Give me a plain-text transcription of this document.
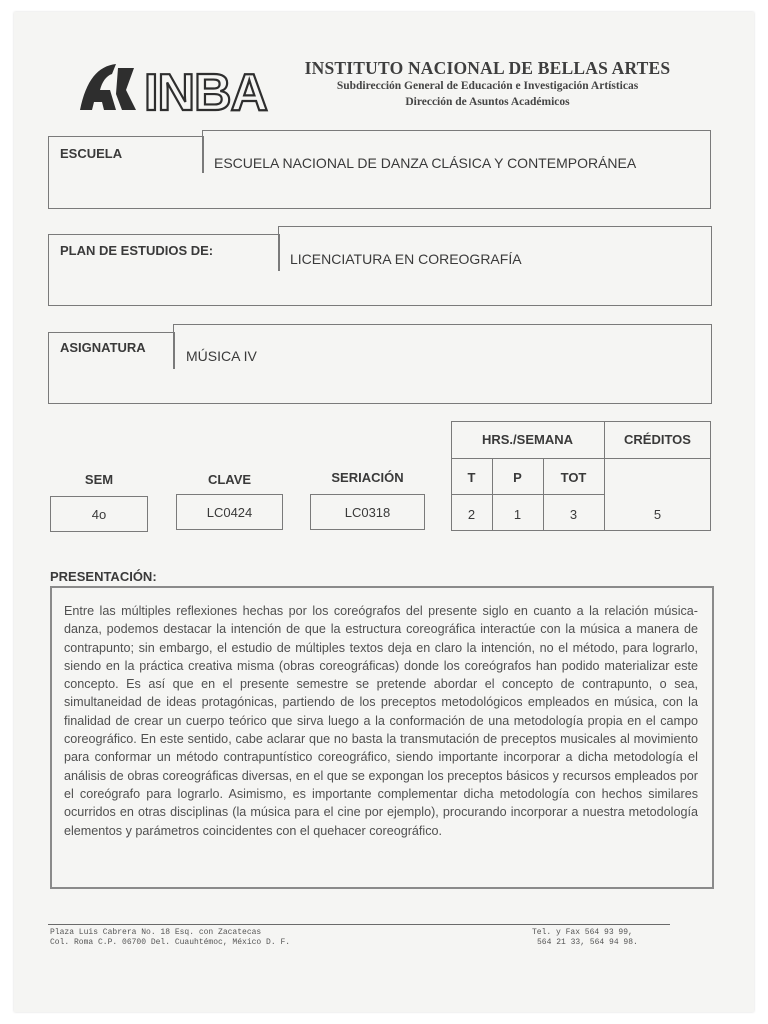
INBA INSTITUTO NACIONAL DE BELLAS ARTES
Subdirección General de Educación e Investigación Artísticas
Dirección de Asuntos Académicos
ESCUELA
ESCUELA NACIONAL DE DANZA CLÁSICA Y CONTEMPORÁNEA
PLAN DE ESTUDIOS DE:
LICENCIATURA EN COREOGRAFÍA
ASIGNATURA
MÚSICA IV
SEM
4o
CLAVE
LC0424
SERIACIÓN
LC0318
HRS./SEMANA	CRÉDITOS
T	P	TOT
2	1	3	5
PRESENTACIÓN:
Entre las múltiples reflexiones hechas por los coreógrafos del presente siglo en cuanto a la relación música-danza, podemos destacar la intención de que la estructura coreográfica interactúe con la música a manera de contrapunto; sin embargo, el estudio de múltiples textos deja en claro la intención, no el método, para lograrlo, siendo en la práctica creativa misma (obras coreográficas) donde los coreógrafos han podido materializar este concepto. Es así que en el presente semestre se pretende abordar el concepto de contrapunto, o sea, simultaneidad de ideas protagónicas, partiendo de los preceptos metodológicos empleados en música, con la finalidad de crear un cuerpo teórico que sirva luego a la conformación de una metodología propia en el campo coreográfico. En este sentido, cabe aclarar que no basta la transmutación de preceptos musicales al movimiento para conformar un método contrapuntístico coreográfico, siendo importante incorporar a dicha metodología el análisis de obras coreográficas diversas, en el que se expongan los preceptos básicos y recursos empleados por el coreógrafo para lograrlo. Asimismo, es importante complementar dicha metodología con hechos similares ocurridos en otras disciplinas (la música para el cine por ejemplo), procurando incorporar a nuestra metodología elementos y parámetros coincidentes con el quehacer coreográfico.
Plaza Luis Cabrera No. 18 Esq. con Zacatecas
Col. Roma C.P. 06700 Del. Cuauhtémoc, México D. F.
Tel. y Fax 564 93 99,
564 21 33, 564 94 98.
